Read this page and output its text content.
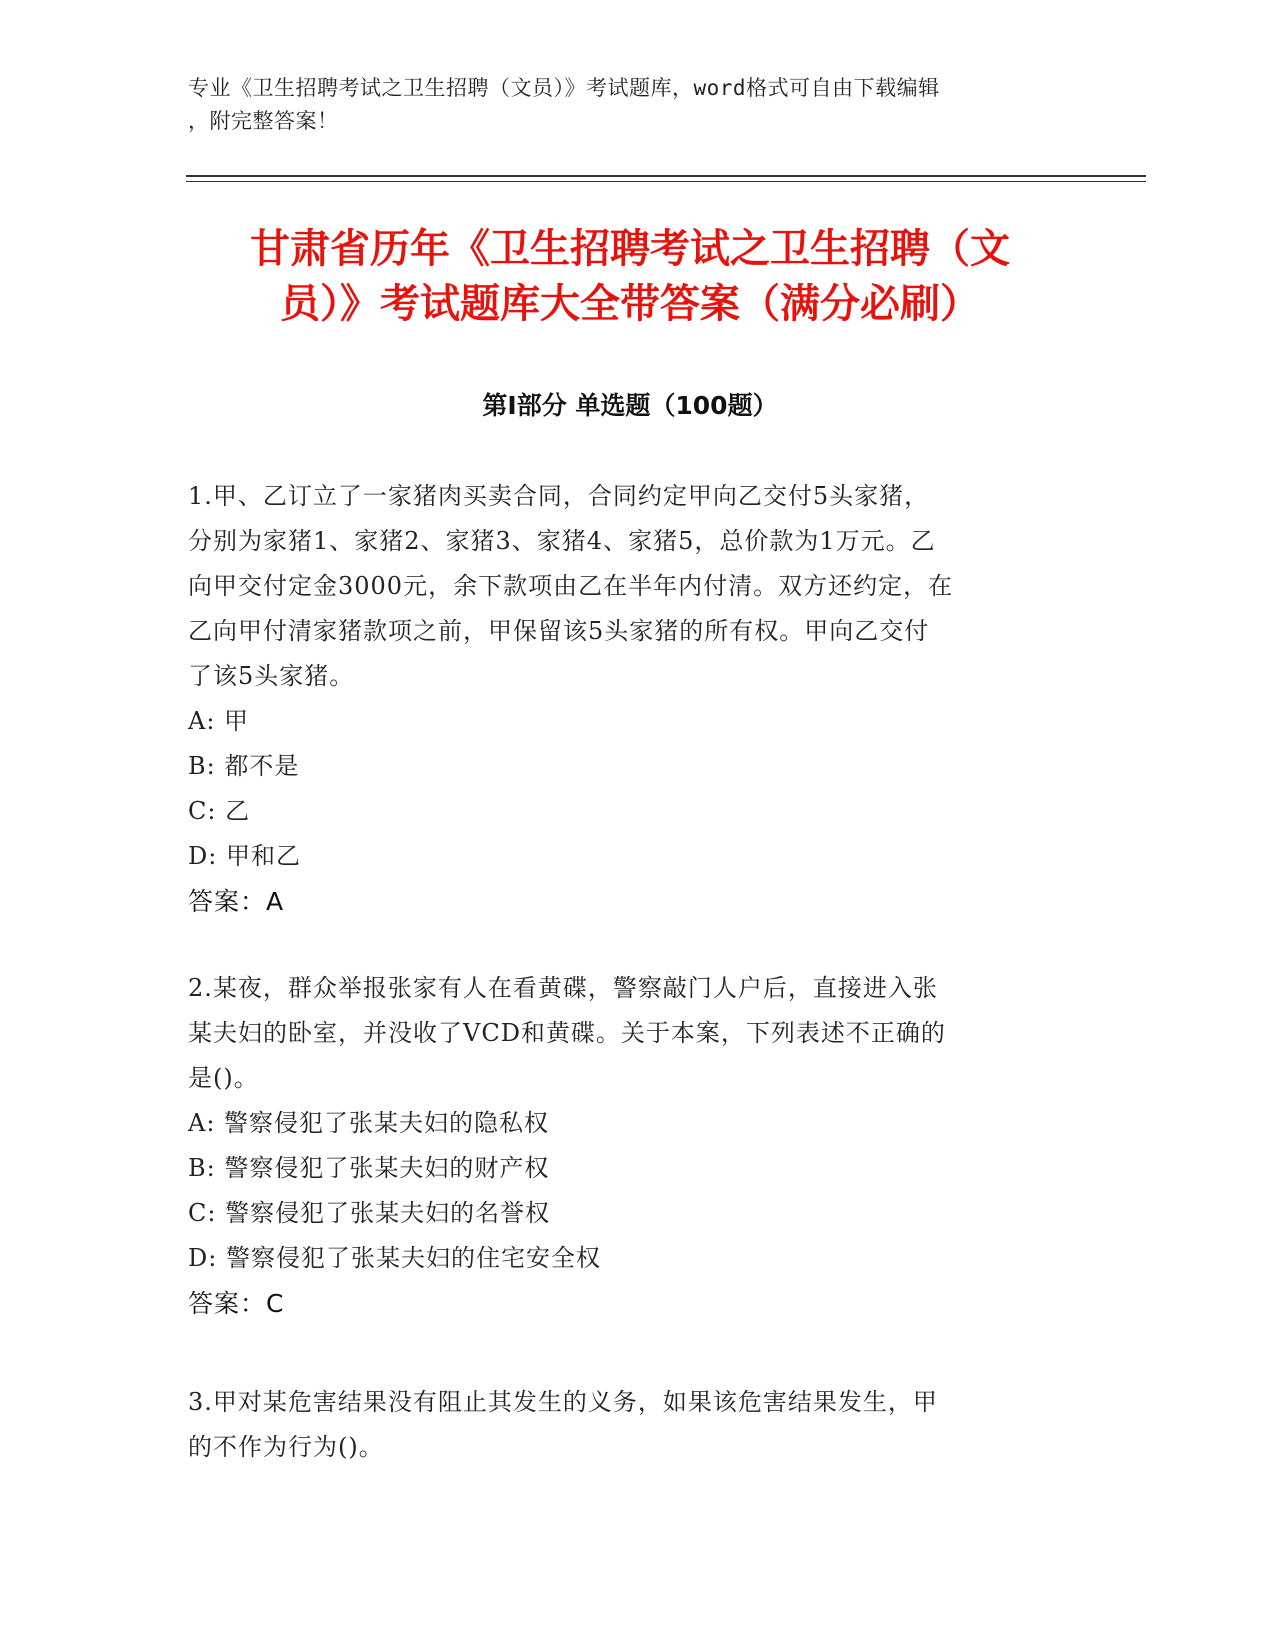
专业《卫生招聘考试之卫生招聘（文员）》考试题库，word格式可自由下载编辑
，附完整答案！
甘肃省历年《卫生招聘考试之卫生招聘（文
员）》考试题库大全带答案（满分必刷）
第Ⅰ部分 单选题（100题）
1.甲、乙订立了一家猪肉买卖合同，合同约定甲向乙交付5头家猪，
分别为家猪1、家猪2、家猪3、家猪4、家猪5，总价款为1万元。乙
向甲交付定金3000元，余下款项由乙在半年内付清。双方还约定，在
乙向甲付清家猪款项之前，甲保留该5头家猪的所有权。甲向乙交付
了该5头家猪。
A: 甲
B: 都不是
C: 乙
D: 甲和乙
答案：A
2.某夜，群众举报张家有人在看黄碟，警察敲门人户后，直接进入张
某夫妇的卧室，并没收了VCD和黄碟。关于本案，下列表述不正确的
是()。
A: 警察侵犯了张某夫妇的隐私权
B: 警察侵犯了张某夫妇的财产权
C: 警察侵犯了张某夫妇的名誉权
D: 警察侵犯了张某夫妇的住宅安全权
答案：C
3.甲对某危害结果没有阻止其发生的义务，如果该危害结果发生，甲
的不作为行为()。
